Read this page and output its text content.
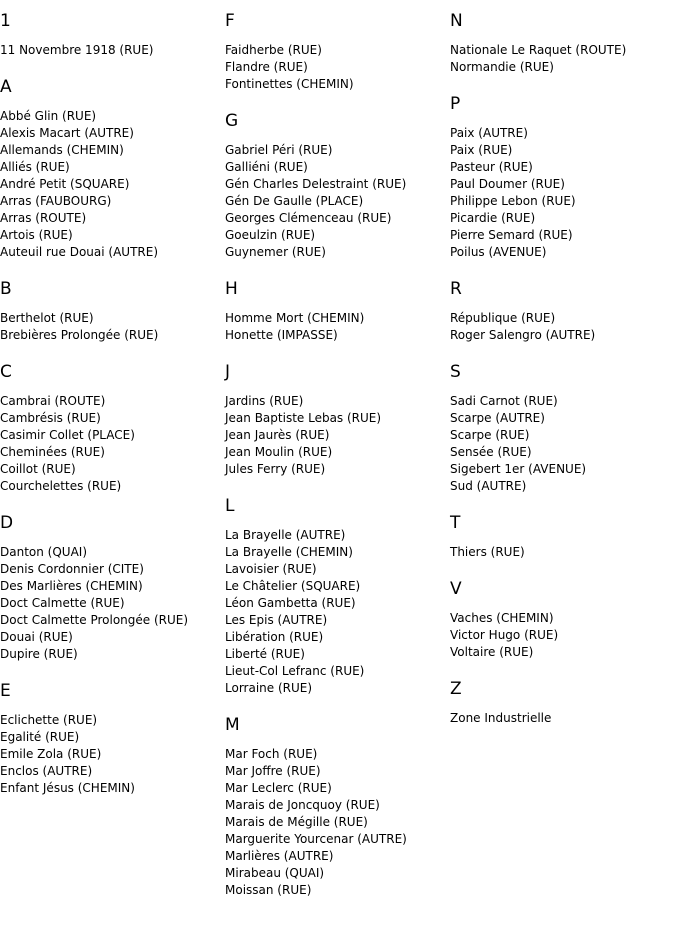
1
11 Novembre 1918 (RUE)
A
Abbé Glin (RUE)
Alexis Macart (AUTRE)
Allemands (CHEMIN)
Alliés (RUE)
André Petit (SQUARE)
Arras (FAUBOURG)
Arras (ROUTE)
Artois (RUE)
Auteuil rue Douai (AUTRE)
B
Berthelot (RUE)
Brebières Prolongée (RUE)
C
Cambrai (ROUTE)
Cambrésis (RUE)
Casimir Collet (PLACE)
Cheminées (RUE)
Coillot (RUE)
Courchelettes (RUE)
D
Danton (QUAI)
Denis Cordonnier (CITE)
Des Marlières (CHEMIN)
Doct Calmette (RUE)
Doct Calmette Prolongée (RUE)
Douai (RUE)
Dupire (RUE)
E
Eclichette (RUE)
Egalité (RUE)
Emile Zola (RUE)
Enclos (AUTRE)
Enfant Jésus (CHEMIN)
F
Faidherbe (RUE)
Flandre (RUE)
Fontinettes (CHEMIN)
G
Gabriel Péri (RUE)
Galliéni (RUE)
Gén Charles Delestraint (RUE)
Gén De Gaulle (PLACE)
Georges Clémenceau (RUE)
Goeulzin (RUE)
Guynemer (RUE)
H
Homme Mort (CHEMIN)
Honette (IMPASSE)
J
Jardins (RUE)
Jean Baptiste Lebas (RUE)
Jean Jaurès (RUE)
Jean Moulin (RUE)
Jules Ferry (RUE)
L
La Brayelle (AUTRE)
La Brayelle (CHEMIN)
Lavoisier (RUE)
Le Châtelier (SQUARE)
Léon Gambetta (RUE)
Les Epis (AUTRE)
Libération (RUE)
Liberté (RUE)
Lieut-Col Lefranc (RUE)
Lorraine (RUE)
M
Mar Foch (RUE)
Mar Joffre (RUE)
Mar Leclerc (RUE)
Marais de Joncquoy (RUE)
Marais de Mégille (RUE)
Marguerite Yourcenar (AUTRE)
Marlières (AUTRE)
Mirabeau (QUAI)
Moissan (RUE)
N
Nationale Le Raquet (ROUTE)
Normandie (RUE)
P
Paix (AUTRE)
Paix (RUE)
Pasteur (RUE)
Paul Doumer (RUE)
Philippe Lebon (RUE)
Picardie (RUE)
Pierre Semard (RUE)
Poilus (AVENUE)
R
République (RUE)
Roger Salengro (AUTRE)
S
Sadi Carnot (RUE)
Scarpe (AUTRE)
Scarpe (RUE)
Sensée (RUE)
Sigebert 1er (AVENUE)
Sud (AUTRE)
T
Thiers (RUE)
V
Vaches (CHEMIN)
Victor Hugo (RUE)
Voltaire (RUE)
Z
Zone Industrielle
